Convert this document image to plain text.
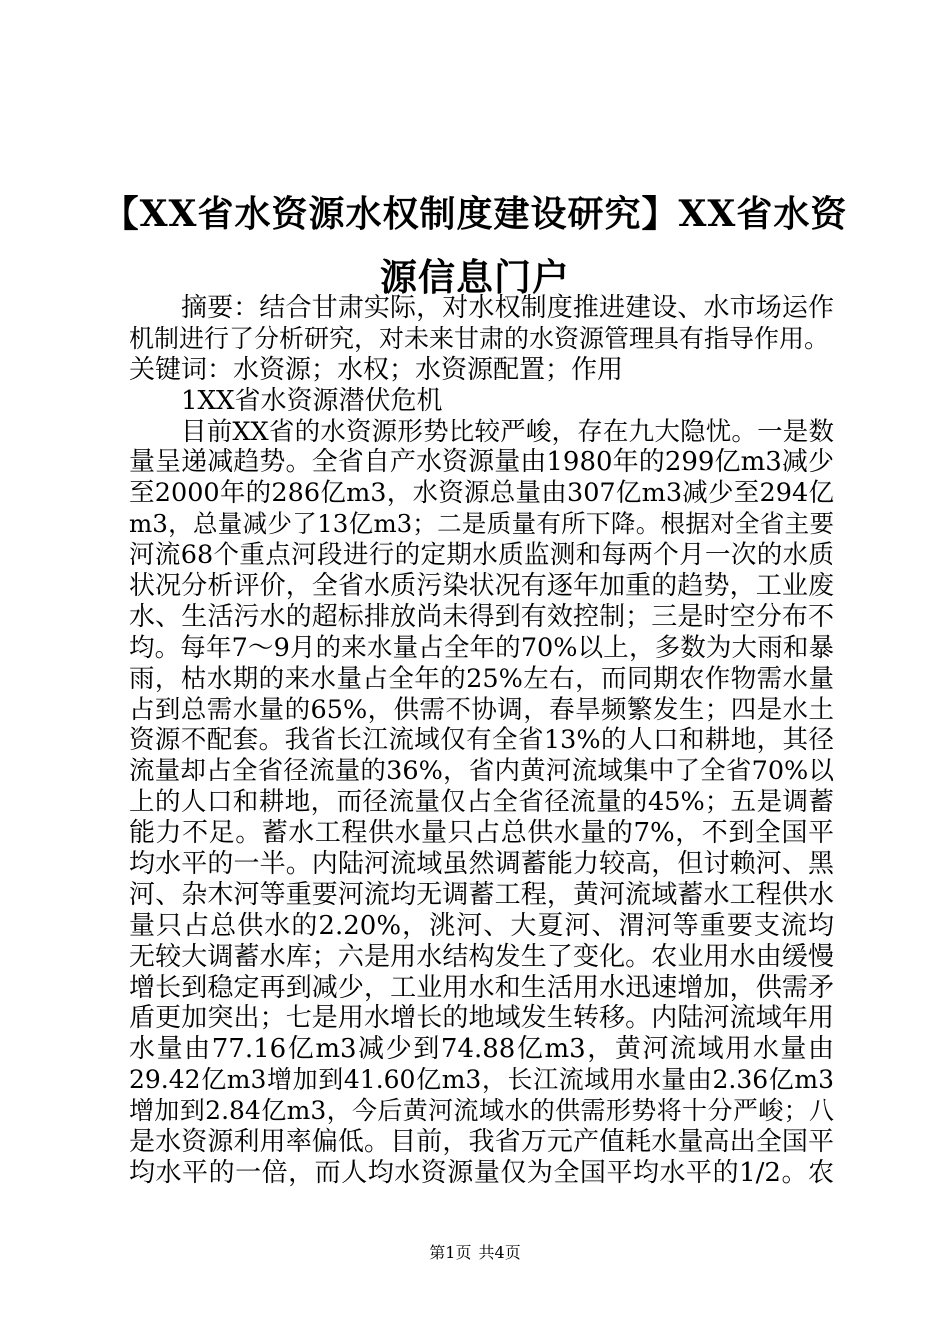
【XX省水资源水权制度建设研究】XX省水资
源信息门户
摘要：结合甘肃实际，对水权制度推进建设、水市场运作
机制进行了分析研究，对未来甘肃的水资源管理具有指导作用。
关键词：水资源；水权；水资源配置；作用
1XX省水资源潜伏危机
目前XX省的水资源形势比较严峻，存在九大隐忧。一是数
量呈递减趋势。全省自产水资源量由1980年的299亿m3减少
至2000年的286亿m3，水资源总量由307亿m3减少至294亿
m3，总量减少了13亿m3；二是质量有所下降。根据对全省主要
河流68个重点河段进行的定期水质监测和每两个月一次的水质
状况分析评价，全省水质污染状况有逐年加重的趋势，工业废
水、生活污水的超标排放尚未得到有效控制；三是时空分布不
均。每年7～9月的来水量占全年的70%以上，多数为大雨和暴
雨，枯水期的来水量占全年的25%左右，而同期农作物需水量
占到总需水量的65%，供需不协调，春旱频繁发生；四是水土
资源不配套。我省长江流域仅有全省13%的人口和耕地，其径
流量却占全省径流量的36%，省内黄河流域集中了全省70%以
上的人口和耕地，而径流量仅占全省径流量的45%；五是调蓄
能力不足。蓄水工程供水量只占总供水量的7%，不到全国平
均水平的一半。内陆河流域虽然调蓄能力较高，但讨赖河、黑
河、杂木河等重要河流均无调蓄工程，黄河流域蓄水工程供水
量只占总供水的2.20%，洮河、大夏河、渭河等重要支流均
无较大调蓄水库；六是用水结构发生了变化。农业用水由缓慢
增长到稳定再到减少，工业用水和生活用水迅速增加，供需矛
盾更加突出；七是用水增长的地域发生转移。内陆河流域年用
水量由77.16亿m3减少到74.88亿m3，黄河流域用水量由
29.42亿m3增加到41.60亿m3，长江流域用水量由2.36亿m3
增加到2.84亿m3，今后黄河流域水的供需形势将十分严峻；八
是水资源利用率偏低。目前，我省万元产值耗水量高出全国平
均水平的一倍，而人均水资源量仅为全国平均水平的1/2。农
第1页 共4页
